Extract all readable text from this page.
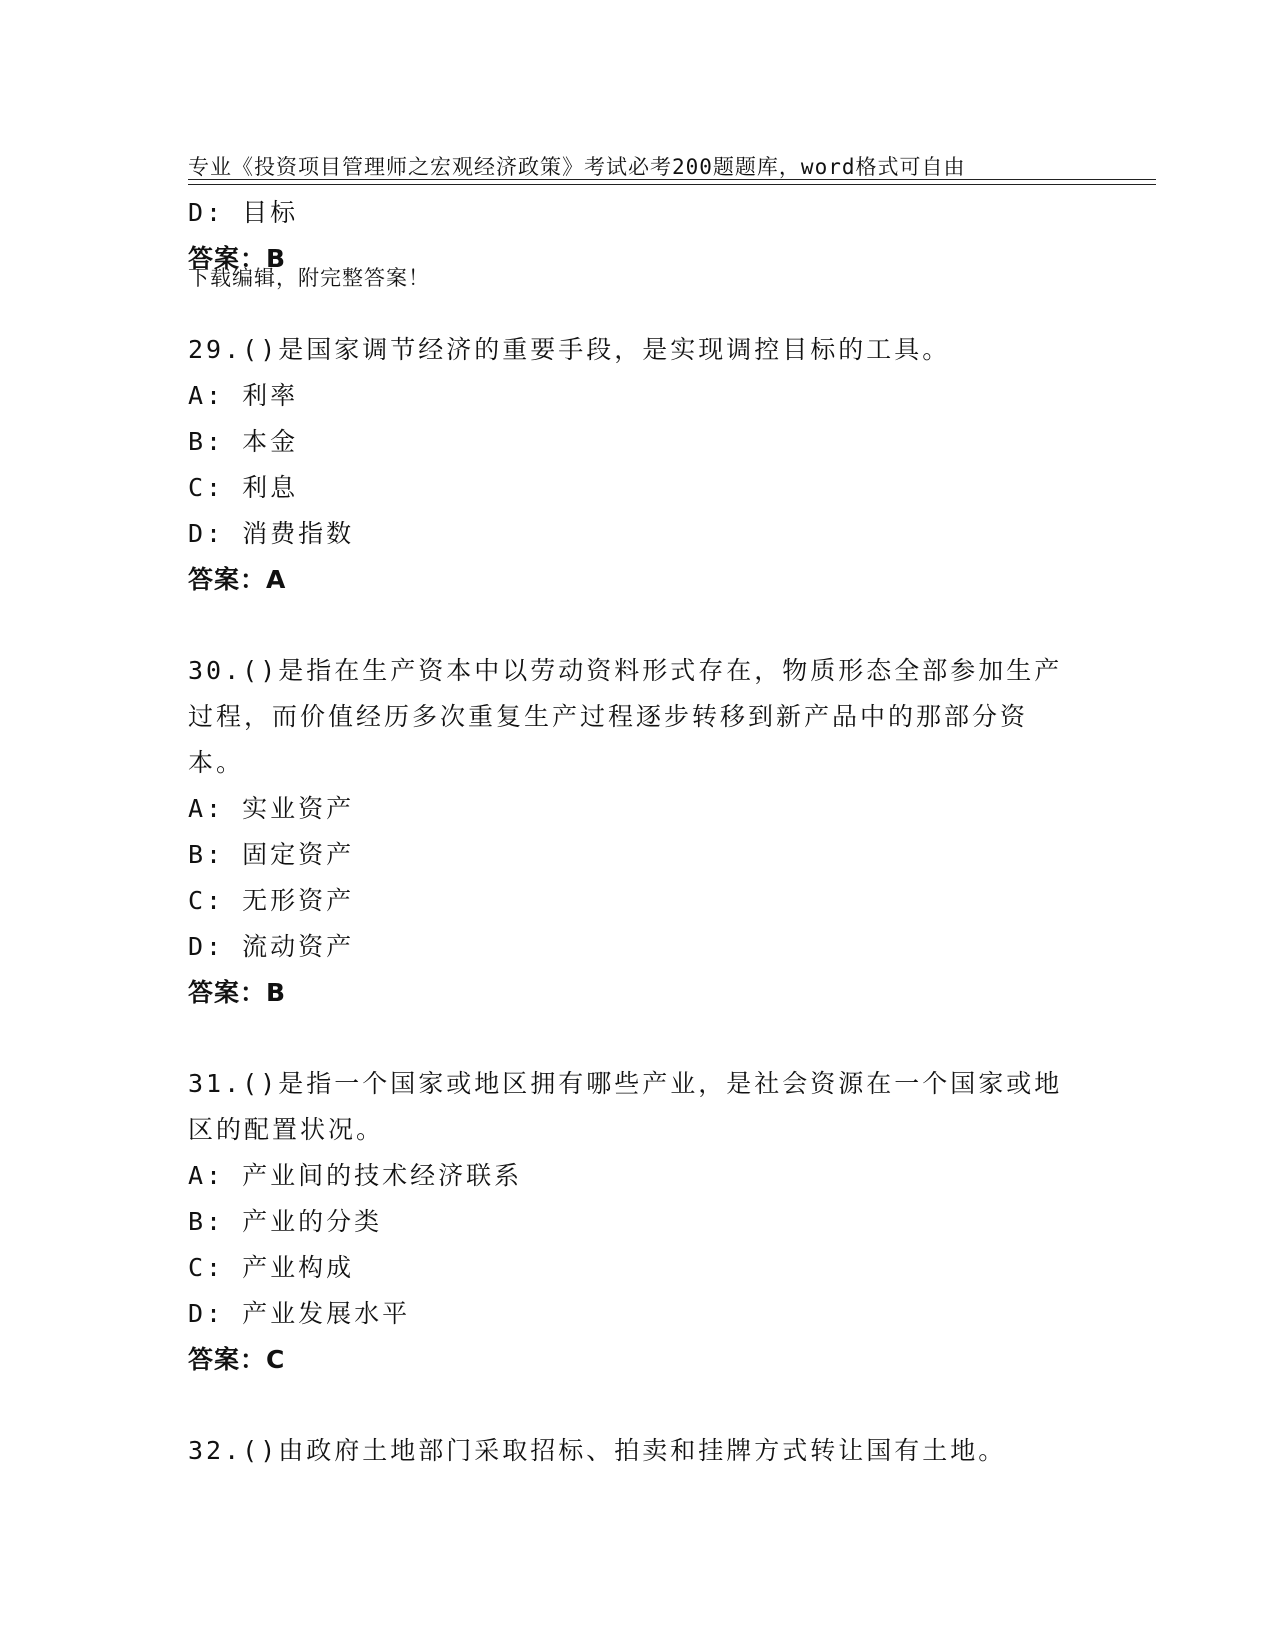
专业《投资项目管理师之宏观经济政策》考试必考200题题库，word格式可自由

下载编辑，附完整答案！

D: 目标
答案：B
29.()是国家调节经济的重要手段，是实现调控目标的工具。
A: 利率
B: 本金
C: 利息
D: 消费指数
答案：A
30.()是指在生产资本中以劳动资料形式存在，物质形态全部参加生产
过程，而价值经历多次重复生产过程逐步转移到新产品中的那部分资
本。
A: 实业资产
B: 固定资产
C: 无形资产
D: 流动资产
答案：B
31.()是指一个国家或地区拥有哪些产业，是社会资源在一个国家或地
区的配置状况。
A: 产业间的技术经济联系
B: 产业的分类
C: 产业构成
D: 产业发展水平
答案：C
32.()由政府土地部门采取招标、拍卖和挂牌方式转让国有土地。
